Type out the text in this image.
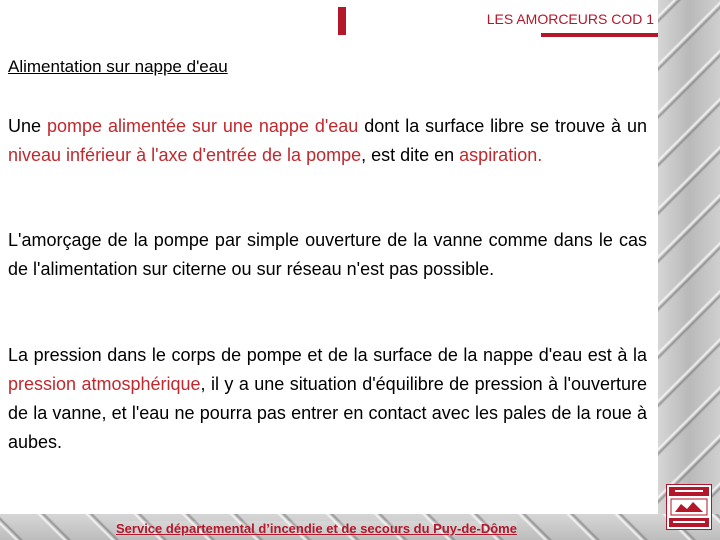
LES AMORCEURS COD 1
Alimentation sur nappe d'eau

Une pompe alimentée sur une nappe d'eau dont la surface libre se trouve à un niveau inférieur à l'axe d'entrée de la pompe, est dite en aspiration.

L'amorçage de la pompe par simple ouverture de la vanne comme dans le cas de l'alimentation sur citerne ou sur réseau n'est pas possible.

La pression dans le corps de pompe et de la surface de la nappe d'eau est à la pression atmosphérique, il y a une situation d'équilibre de pression à l'ouverture de la vanne, et l'eau ne pourra pas entrer en contact avec les pales de la roue à aubes.

Service départemental d’incendie et de secours du Puy-de-Dôme
